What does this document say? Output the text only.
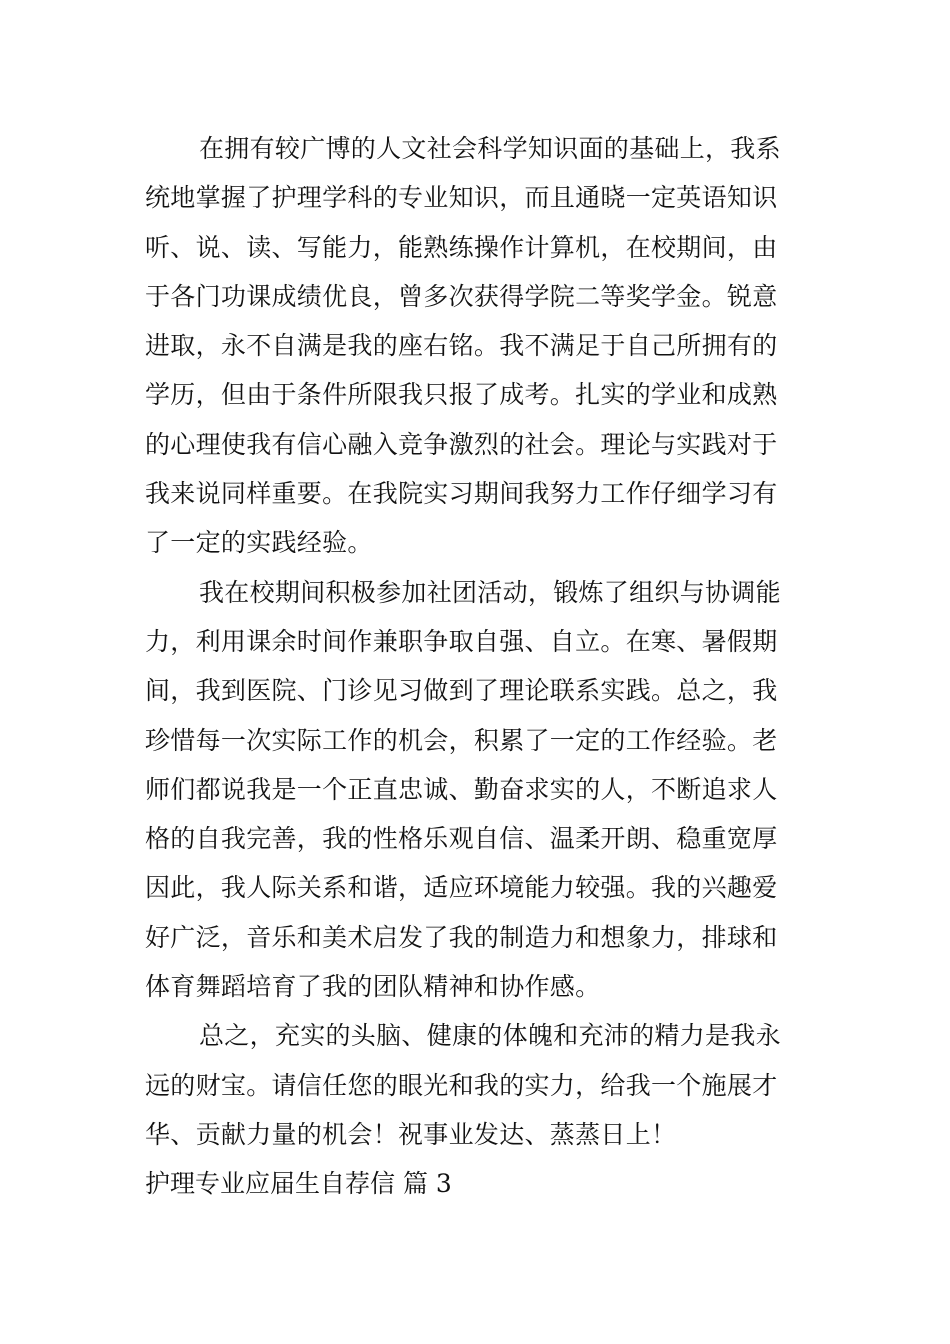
在拥有较广博的人文社会科学知识面的基础上，我系
统地掌握了护理学科的专业知识，而且通晓一定英语知识
听、说、读、写能力，能熟练操作计算机，在校期间，由
于各门功课成绩优良，曾多次获得学院二等奖学金。锐意
进取，永不自满是我的座右铭。我不满足于自己所拥有的
学历，但由于条件所限我只报了成考。扎实的学业和成熟
的心理使我有信心融入竞争激烈的社会。理论与实践对于
我来说同样重要。在我院实习期间我努力工作仔细学习有
了一定的实践经验。
我在校期间积极参加社团活动，锻炼了组织与协调能
力，利用课余时间作兼职争取自强、自立。在寒、暑假期
间，我到医院、门诊见习做到了理论联系实践。总之，我
珍惜每一次实际工作的机会，积累了一定的工作经验。老
师们都说我是一个正直忠诚、勤奋求实的人，不断追求人
格的自我完善，我的性格乐观自信、温柔开朗、稳重宽厚
因此，我人际关系和谐，适应环境能力较强。我的兴趣爱
好广泛，音乐和美术启发了我的制造力和想象力，排球和
体育舞蹈培育了我的团队精神和协作感。
总之，充实的头脑、健康的体魄和充沛的精力是我永
远的财宝。请信任您的眼光和我的实力，给我一个施展才
华、贡献力量的机会！祝事业发达、蒸蒸日上！
护理专业应届生自荐信 篇 3
